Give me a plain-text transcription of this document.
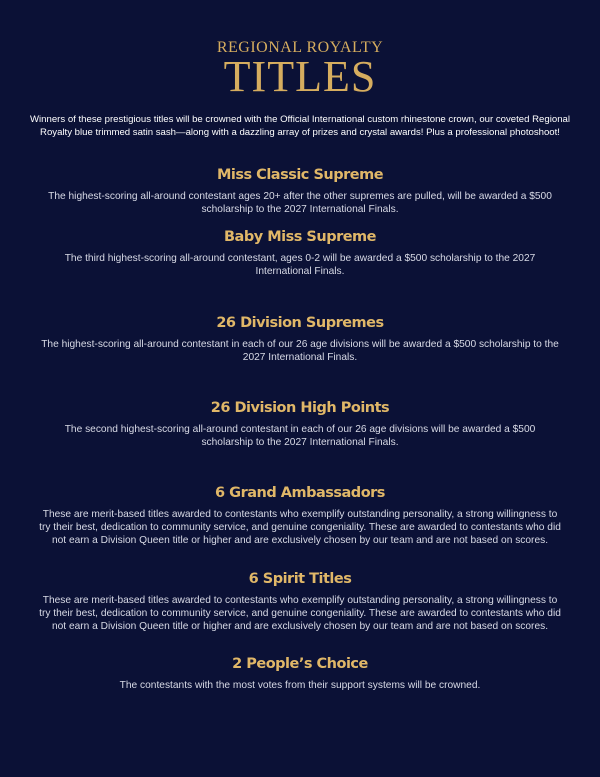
REGIONAL ROYALTY
TITLES
Winners of these prestigious titles will be crowned with the Official International custom rhinestone crown, our coveted Regional Royalty blue trimmed satin sash—along with a dazzling array of prizes and crystal awards! Plus a professional photoshoot!
Miss Classic Supreme

The highest-scoring all-around contestant ages 20+ after the other supremes are pulled, will be awarded a $500 scholarship to the 2027 International Finals.

Baby Miss Supreme

The third highest-scoring all-around contestant, ages 0-2 will be awarded a $500 scholarship to the 2027 International Finals.

26 Division Supremes

The highest-scoring all-around contestant in each of our 26 age divisions will be awarded a $500 scholarship to the 2027 International Finals.

26 Division High Points

The second highest-scoring all-around contestant in each of our 26 age divisions will be awarded a $500 scholarship to the 2027 International Finals.

6 Grand Ambassadors

These are merit-based titles awarded to contestants who exemplify outstanding personality, a strong willingness to try their best, dedication to community service, and genuine congeniality. These are awarded to contestants who did not earn a Division Queen title or higher and are exclusively chosen by our team and are not based on scores.

6 Spirit Titles

These are merit-based titles awarded to contestants who exemplify outstanding personality, a strong willingness to try their best, dedication to community service, and genuine congeniality. These are awarded to contestants who did not earn a Division Queen title or higher and are exclusively chosen by our team and are not based on scores.

2 People’s Choice

The contestants with the most votes from their support systems will be crowned.
